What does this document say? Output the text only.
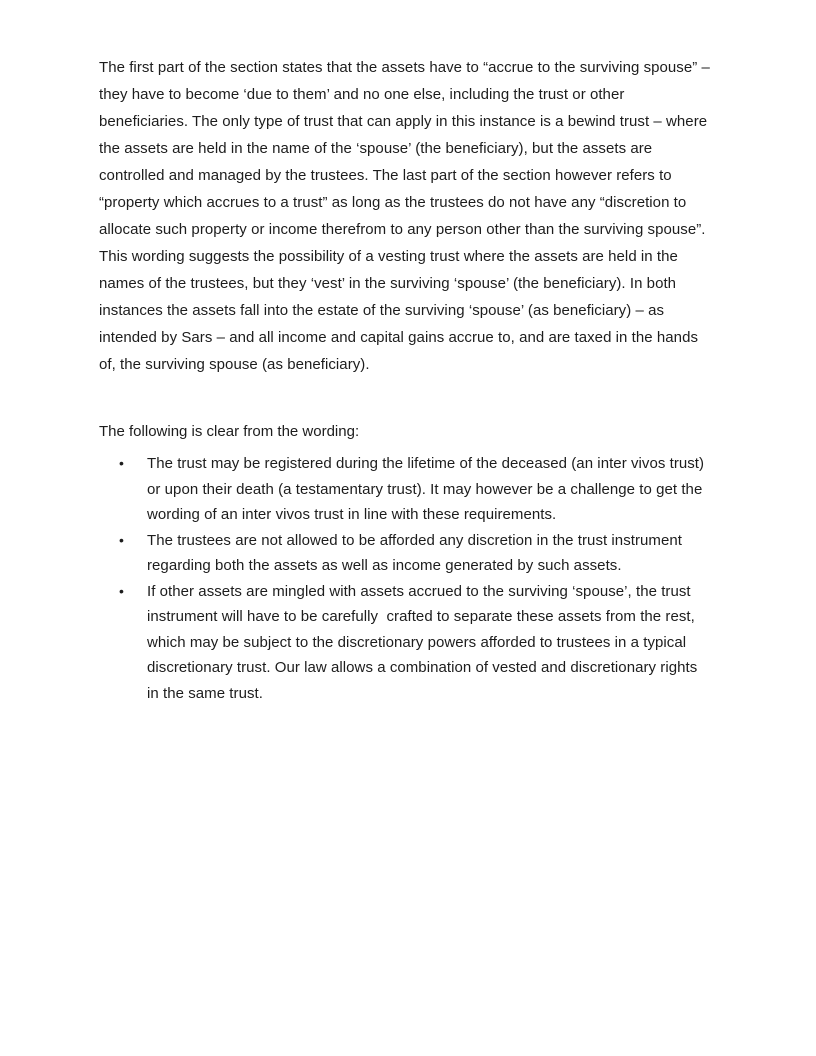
The first part of the section states that the assets have to “accrue to the surviving spouse” – they have to become ‘due to them’ and no one else, including the trust or other beneficiaries. The only type of trust that can apply in this instance is a bewind trust – where the assets are held in the name of the ‘spouse’ (the beneficiary), but the assets are controlled and managed by the trustees. The last part of the section however refers to “property which accrues to a trust” as long as the trustees do not have any “discretion to allocate such property or income therefrom to any person other than the surviving spouse”. This wording suggests the possibility of a vesting trust where the assets are held in the names of the trustees, but they ‘vest’ in the surviving ‘spouse’ (the beneficiary). In both instances the assets fall into the estate of the surviving ‘spouse’ (as beneficiary) – as intended by Sars – and all income and capital gains accrue to, and are taxed in the hands of, the surviving spouse (as beneficiary).

The following is clear from the wording:

• The trust may be registered during the lifetime of the deceased (an inter vivos trust) or upon their death (a testamentary trust). It may however be a challenge to get the wording of an inter vivos trust in line with these requirements.
• The trustees are not allowed to be afforded any discretion in the trust instrument regarding both the assets as well as income generated by such assets.
• If other assets are mingled with assets accrued to the surviving ‘spouse’, the trust instrument will have to be carefully  crafted to separate these assets from the rest, which may be subject to the discretionary powers afforded to trustees in a typical discretionary trust. Our law allows a combination of vested and discretionary rights in the same trust.
